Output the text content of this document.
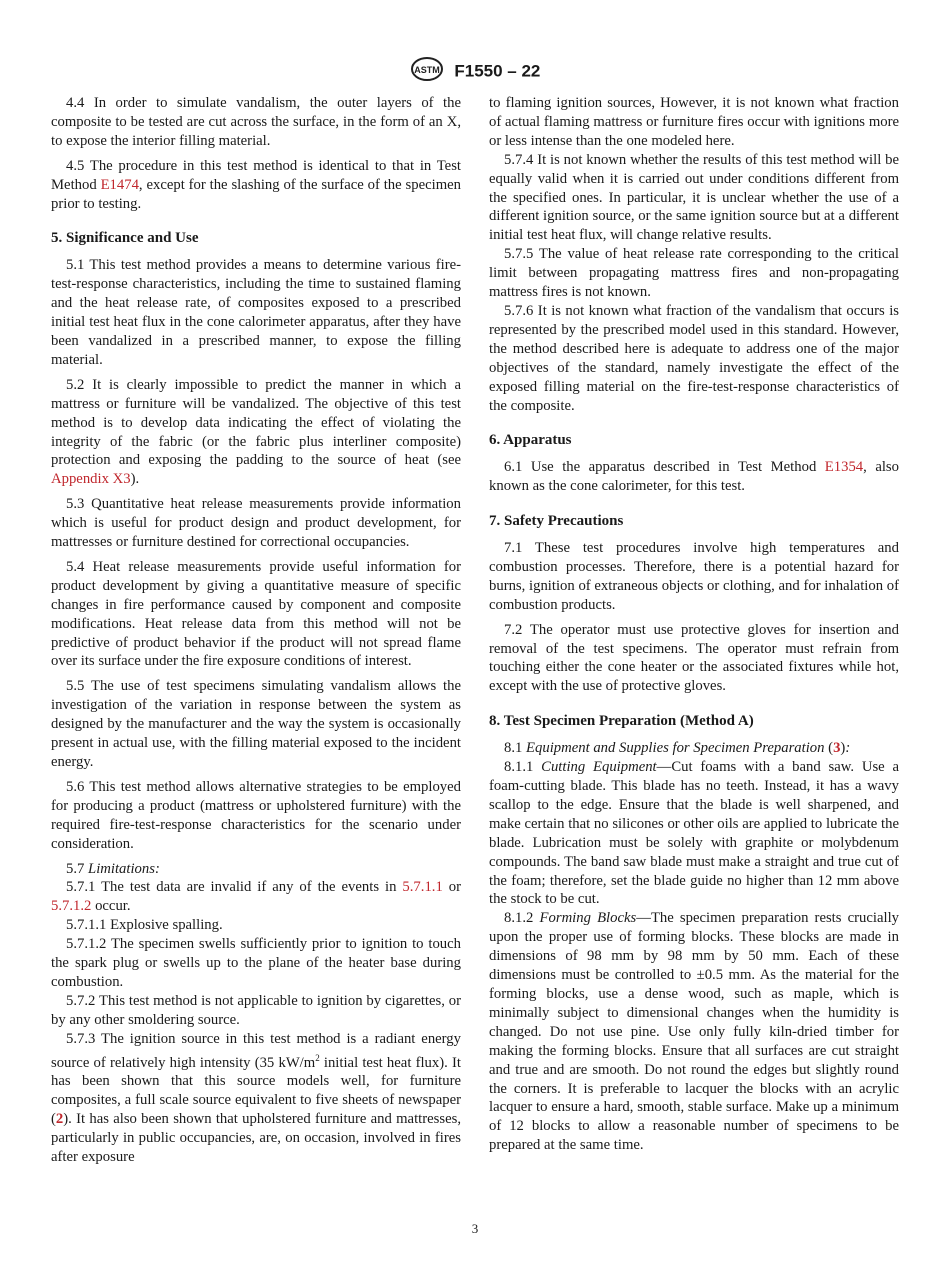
ASTM F1550 – 22

4.4 In order to simulate vandalism, the outer layers of the composite to be tested are cut across the surface, in the form of an X, to expose the interior filling material.

4.5 The procedure in this test method is identical to that in Test Method E1474, except for the slashing of the surface of the specimen prior to testing.

5. Significance and Use

5.1 This test method provides a means to determine various fire-test-response characteristics, including the time to sustained flaming and the heat release rate, of composites exposed to a prescribed initial test heat flux in the cone calorimeter apparatus, after they have been vandalized in a prescribed manner, to expose the filling material.

5.2 It is clearly impossible to predict the manner in which a mattress or furniture will be vandalized. The objective of this test method is to develop data indicating the effect of violating the integrity of the fabric (or the fabric plus interliner composite) protection and exposing the padding to the source of heat (see Appendix X3).

5.3 Quantitative heat release measurements provide information which is useful for product design and product development, for mattresses or furniture destined for correctional occupancies.

5.4 Heat release measurements provide useful information for product development by giving a quantitative measure of specific changes in fire performance caused by component and composite modifications. Heat release data from this method will not be predictive of product behavior if the product will not spread flame over its surface under the fire exposure conditions of interest.

5.5 The use of test specimens simulating vandalism allows the investigation of the variation in response between the system as designed by the manufacturer and the way the system is occasionally present in actual use, with the filling material exposed to the incident energy.

5.6 This test method allows alternative strategies to be employed for producing a product (mattress or upholstered furniture) with the required fire-test-response characteristics for the scenario under consideration.

5.7 Limitations:

5.7.1 The test data are invalid if any of the events in 5.7.1.1 or 5.7.1.2 occur.

5.7.1.1 Explosive spalling.

5.7.1.2 The specimen swells sufficiently prior to ignition to touch the spark plug or swells up to the plane of the heater base during combustion.

5.7.2 This test method is not applicable to ignition by cigarettes, or by any other smoldering source.

5.7.3 The ignition source in this test method is a radiant energy source of relatively high intensity (35 $kW/m^2$ initial test heat flux). It has been shown that this source models well, for furniture composites, a full scale source equivalent to five sheets of newspaper (2). It has also been shown that upholstered furniture and mattresses, particularly in public occupancies, are, on occasion, involved in fires after exposure

to flaming ignition sources, However, it is not known what fraction of actual flaming mattress or furniture fires occur with ignitions more or less intense than the one modeled here.

5.7.4 It is not known whether the results of this test method will be equally valid when it is carried out under conditions different from the specified ones. In particular, it is unclear whether the use of a different ignition source, or the same ignition source but at a different initial test heat flux, will change relative results.

5.7.5 The value of heat release rate corresponding to the critical limit between propagating mattress fires and non-propagating mattress fires is not known.

5.7.6 It is not known what fraction of the vandalism that occurs is represented by the prescribed model used in this standard. However, the method described here is adequate to address one of the major objectives of the standard, namely investigate the effect of the exposed filling material on the fire-test-response characteristics of the composite.

6. Apparatus

6.1 Use the apparatus described in Test Method E1354, also known as the cone calorimeter, for this test.

7. Safety Precautions

7.1 These test procedures involve high temperatures and combustion processes. Therefore, there is a potential hazard for burns, ignition of extraneous objects or clothing, and for inhalation of combustion products.

7.2 The operator must use protective gloves for insertion and removal of the test specimens. The operator must refrain from touching either the cone heater or the associated fixtures while hot, except with the use of protective gloves.

8. Test Specimen Preparation (Method A)

8.1 Equipment and Supplies for Specimen Preparation (3):

8.1.1 Cutting Equipment—Cut foams with a band saw. Use a foam-cutting blade. This blade has no teeth. Instead, it has a wavy scallop to the edge. Ensure that the blade is well sharpened, and make certain that no silicones or other oils are applied to lubricate the blade. Lubrication must be solely with graphite or molybdenum compounds. The band saw blade must make a straight and true cut of the foam; therefore, set the blade guide no higher than 12 mm above the stock to be cut.

8.1.2 Forming Blocks—The specimen preparation rests crucially upon the proper use of forming blocks. These blocks are made in dimensions of 98 mm by 98 mm by 50 mm. Each of these dimensions must be controlled to ±0.5 mm. As the material for the forming blocks, use a dense wood, such as maple, which is minimally subject to dimensional changes when the humidity is changed. Do not use pine. Use only fully kiln-dried timber for making the forming blocks. Ensure that all surfaces are cut straight and true and are smooth. Do not round the edges but slightly round the corners. It is preferable to lacquer the blocks with an acrylic lacquer to ensure a hard, smooth, stable surface. Make up a minimum of 12 blocks to allow a reasonable number of specimens to be prepared at the same time.

3
